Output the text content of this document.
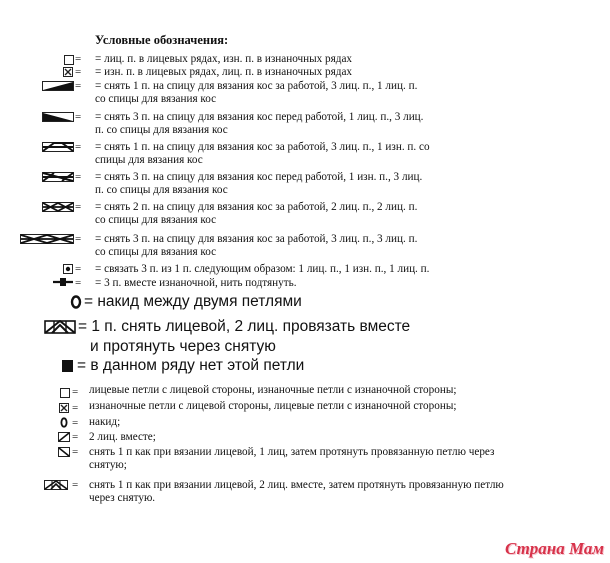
Условные обозначения:
= = лиц. п. в лицевых рядах, изн. п. в изнаночных рядах
= = изн. п. в лицевых рядах, лиц. п. в изнаночных рядах
= = снять 1 п. на спицу для вязания кос за работой, 3 лиц. п., 1 лиц. п.
со спицы для вязания кос
= = снять 3 п. на спицу для вязания кос перед работой, 1 лиц. п., 3 лиц.
п. со спицы для вязания кос
= = снять 1 п. на спицу для вязания кос за работой, 3 лиц. п., 1 изн. п. со
спицы для вязания кос
= = снять 3 п. на спицу для вязания кос перед работой, 1 изн. п., 3 лиц.
п. со спицы для вязания кос
= = снять 2 п. на спицу для вязания кос за работой, 2 лиц. п., 2 лиц. п.
со спицы для вязания кос
= = снять 3 п. на спицу для вязания кос за работой, 3 лиц. п., 3 лиц. п.
со спицы для вязания кос
= = связать 3 п. из 1 п. следующим образом: 1 лиц. п., 1 изн. п., 1 лиц. п.
= = 3 п. вместе изнаночной, нить подтянуть.
= накид между двумя петлями
= 1 п. снять лицевой, 2 лиц. провязать вместе
и протянуть через снятую
= в данном ряду нет этой петли
= лицевые петли с лицевой стороны, изнаночные петли с изнаночной стороны;
= изнаночные петли с лицевой стороны, лицевые петли с изнаночной стороны;
= накид;
= 2 лиц. вместе;
= снять 1 п как при вязании лицевой, 1 лиц, затем протянуть провязанную петлю через
снятую;
= снять 1 п как при вязании лицевой, 2 лиц. вместе, затем протянуть провязанную петлю
через снятую.
Страна Мам
